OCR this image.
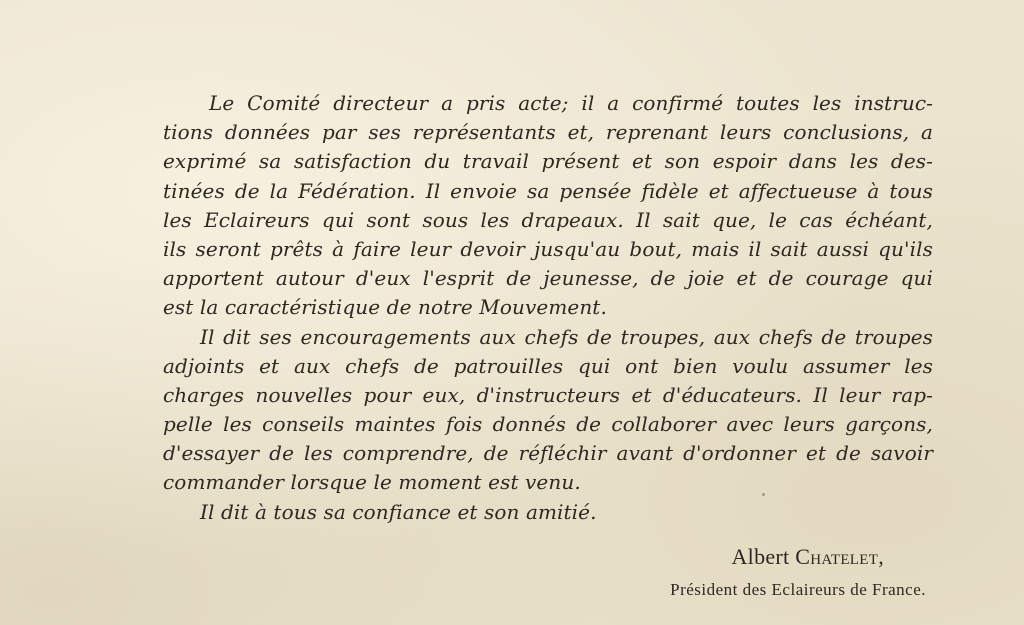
Le Comité directeur a pris acte; il a confirmé toutes les instruc-
tions données par ses représentants et, reprenant leurs conclusions, a
exprimé sa satisfaction du travail présent et son espoir dans les des-
tinées de la Fédération. Il envoie sa pensée fidèle et affectueuse à tous
les Eclaireurs qui sont sous les drapeaux. Il sait que, le cas échéant,
ils seront prêts à faire leur devoir jusqu'au bout, mais il sait aussi qu'ils
apportent autour d'eux l'esprit de jeunesse, de joie et de courage qui
est la caractéristique de notre Mouvement.
Il dit ses encouragements aux chefs de troupes, aux chefs de troupes
adjoints et aux chefs de patrouilles qui ont bien voulu assumer les
charges nouvelles pour eux, d'instructeurs et d'éducateurs. Il leur rap-
pelle les conseils maintes fois donnés de collaborer avec leurs garçons,
d'essayer de les comprendre, de réfléchir avant d'ordonner et de savoir
commander lorsque le moment est venu.
Il dit à tous sa confiance et son amitié.
Albert Chatelet,
Président des Eclaireurs de France.
